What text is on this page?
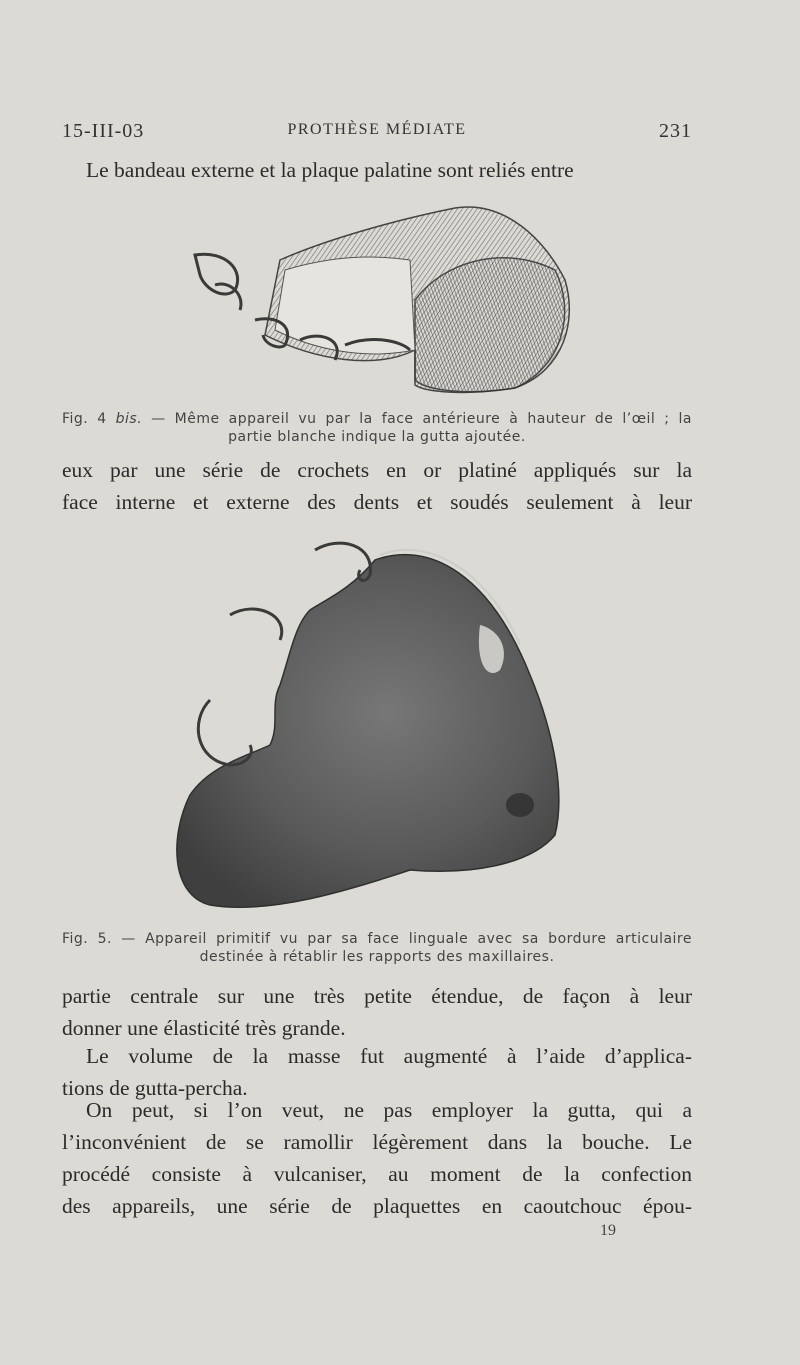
15-III-03	PROTHÈSE MÉDIATE	231

Le bandeau externe et la plaque palatine sont reliés entre

Fig. 4 bis. — Même appareil vu par la face antérieure à hauteur de l’œil ; la
partie blanche indique la gutta ajoutée.

eux par une série de crochets en or platiné appliqués sur la
face interne et externe des dents et soudés seulement à leur

Fig. 5. — Appareil primitif vu par sa face linguale avec sa bordure articulaire
destinée à rétablir les rapports des maxillaires.

partie centrale sur une très petite étendue, de façon à leur
donner une élasticité très grande.

Le volume de la masse fut augmenté à l’aide d’applica-
tions de gutta-percha.

On peut, si l’on veut, ne pas employer la gutta, qui a
l’inconvénient de se ramollir légèrement dans la bouche. Le
procédé consiste à vulcaniser, au moment de la confection
des appareils, une série de plaquettes en caoutchouc épou-

19
